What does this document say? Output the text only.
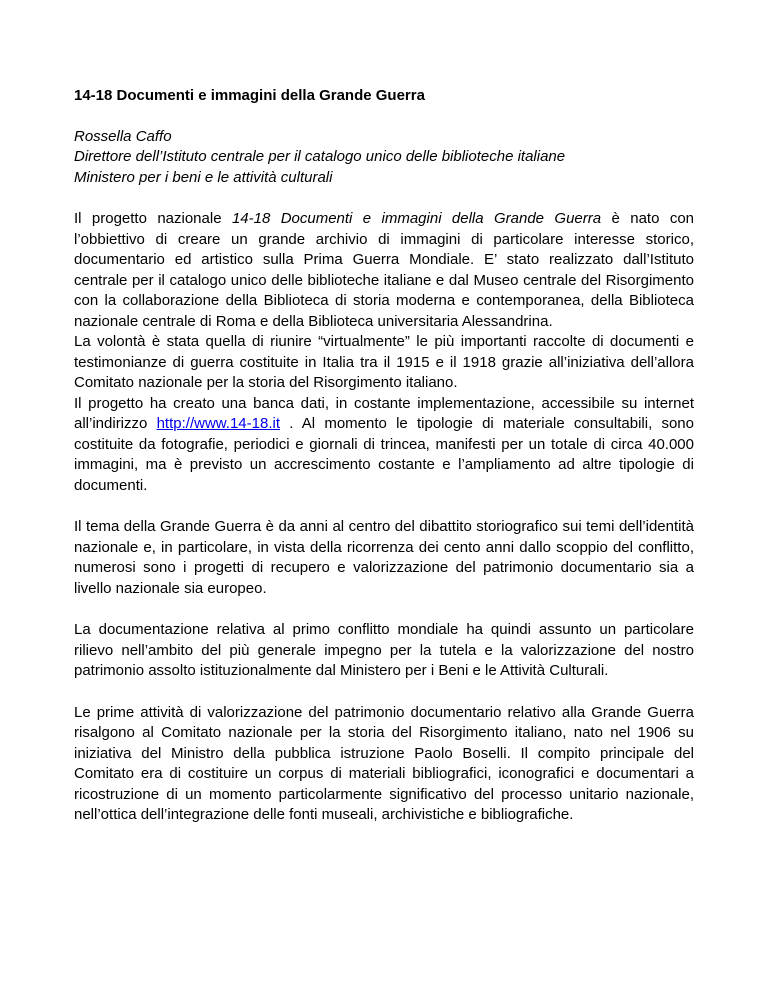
14-18 Documenti e immagini della Grande Guerra
Rossella Caffo
Direttore dell’Istituto centrale per il catalogo unico delle biblioteche italiane
Ministero per i beni e le attività culturali

Il progetto nazionale 14-18 Documenti e immagini della Grande Guerra è nato con l’obbiettivo di creare un grande archivio di immagini di particolare interesse storico, documentario ed artistico sulla Prima Guerra Mondiale. E’ stato realizzato dall’Istituto centrale per il catalogo unico delle biblioteche italiane e dal Museo centrale del Risorgimento con la collaborazione della Biblioteca di storia moderna e contemporanea, della Biblioteca nazionale centrale di Roma e della Biblioteca universitaria Alessandrina.

La volontà è stata quella di riunire “virtualmente” le più importanti raccolte di documenti e testimonianze di guerra costituite in Italia tra il 1915 e il 1918 grazie all’iniziativa dell’allora Comitato nazionale per la storia del Risorgimento italiano.

Il progetto ha creato una banca dati, in costante implementazione, accessibile su internet all’indirizzo http://www.14-18.it . Al momento le tipologie di materiale consultabili, sono costituite da fotografie, periodici e giornali di trincea, manifesti per un totale di circa 40.000 immagini, ma è previsto un accrescimento costante e l’ampliamento ad altre tipologie di documenti.

Il tema della Grande Guerra è da anni al centro del dibattito storiografico sui temi dell’identità nazionale e, in particolare, in vista della ricorrenza dei cento anni dallo scoppio del conflitto, numerosi sono i progetti di recupero e valorizzazione del patrimonio documentario sia a livello nazionale sia europeo.

La documentazione relativa al primo conflitto mondiale ha quindi assunto un particolare rilievo nell’ambito del più generale impegno per la tutela e la valorizzazione del nostro patrimonio assolto istituzionalmente dal Ministero per i Beni e le Attività Culturali.

Le prime attività di valorizzazione del patrimonio documentario relativo alla Grande Guerra risalgono al Comitato nazionale per la storia del Risorgimento italiano, nato nel 1906 su iniziativa del Ministro della pubblica istruzione Paolo Boselli. Il compito principale del Comitato era di costituire un corpus di materiali bibliografici, iconografici e documentari a ricostruzione di un momento particolarmente significativo del processo unitario nazionale, nell’ottica dell’integrazione delle fonti museali, archivistiche e bibliografiche.
